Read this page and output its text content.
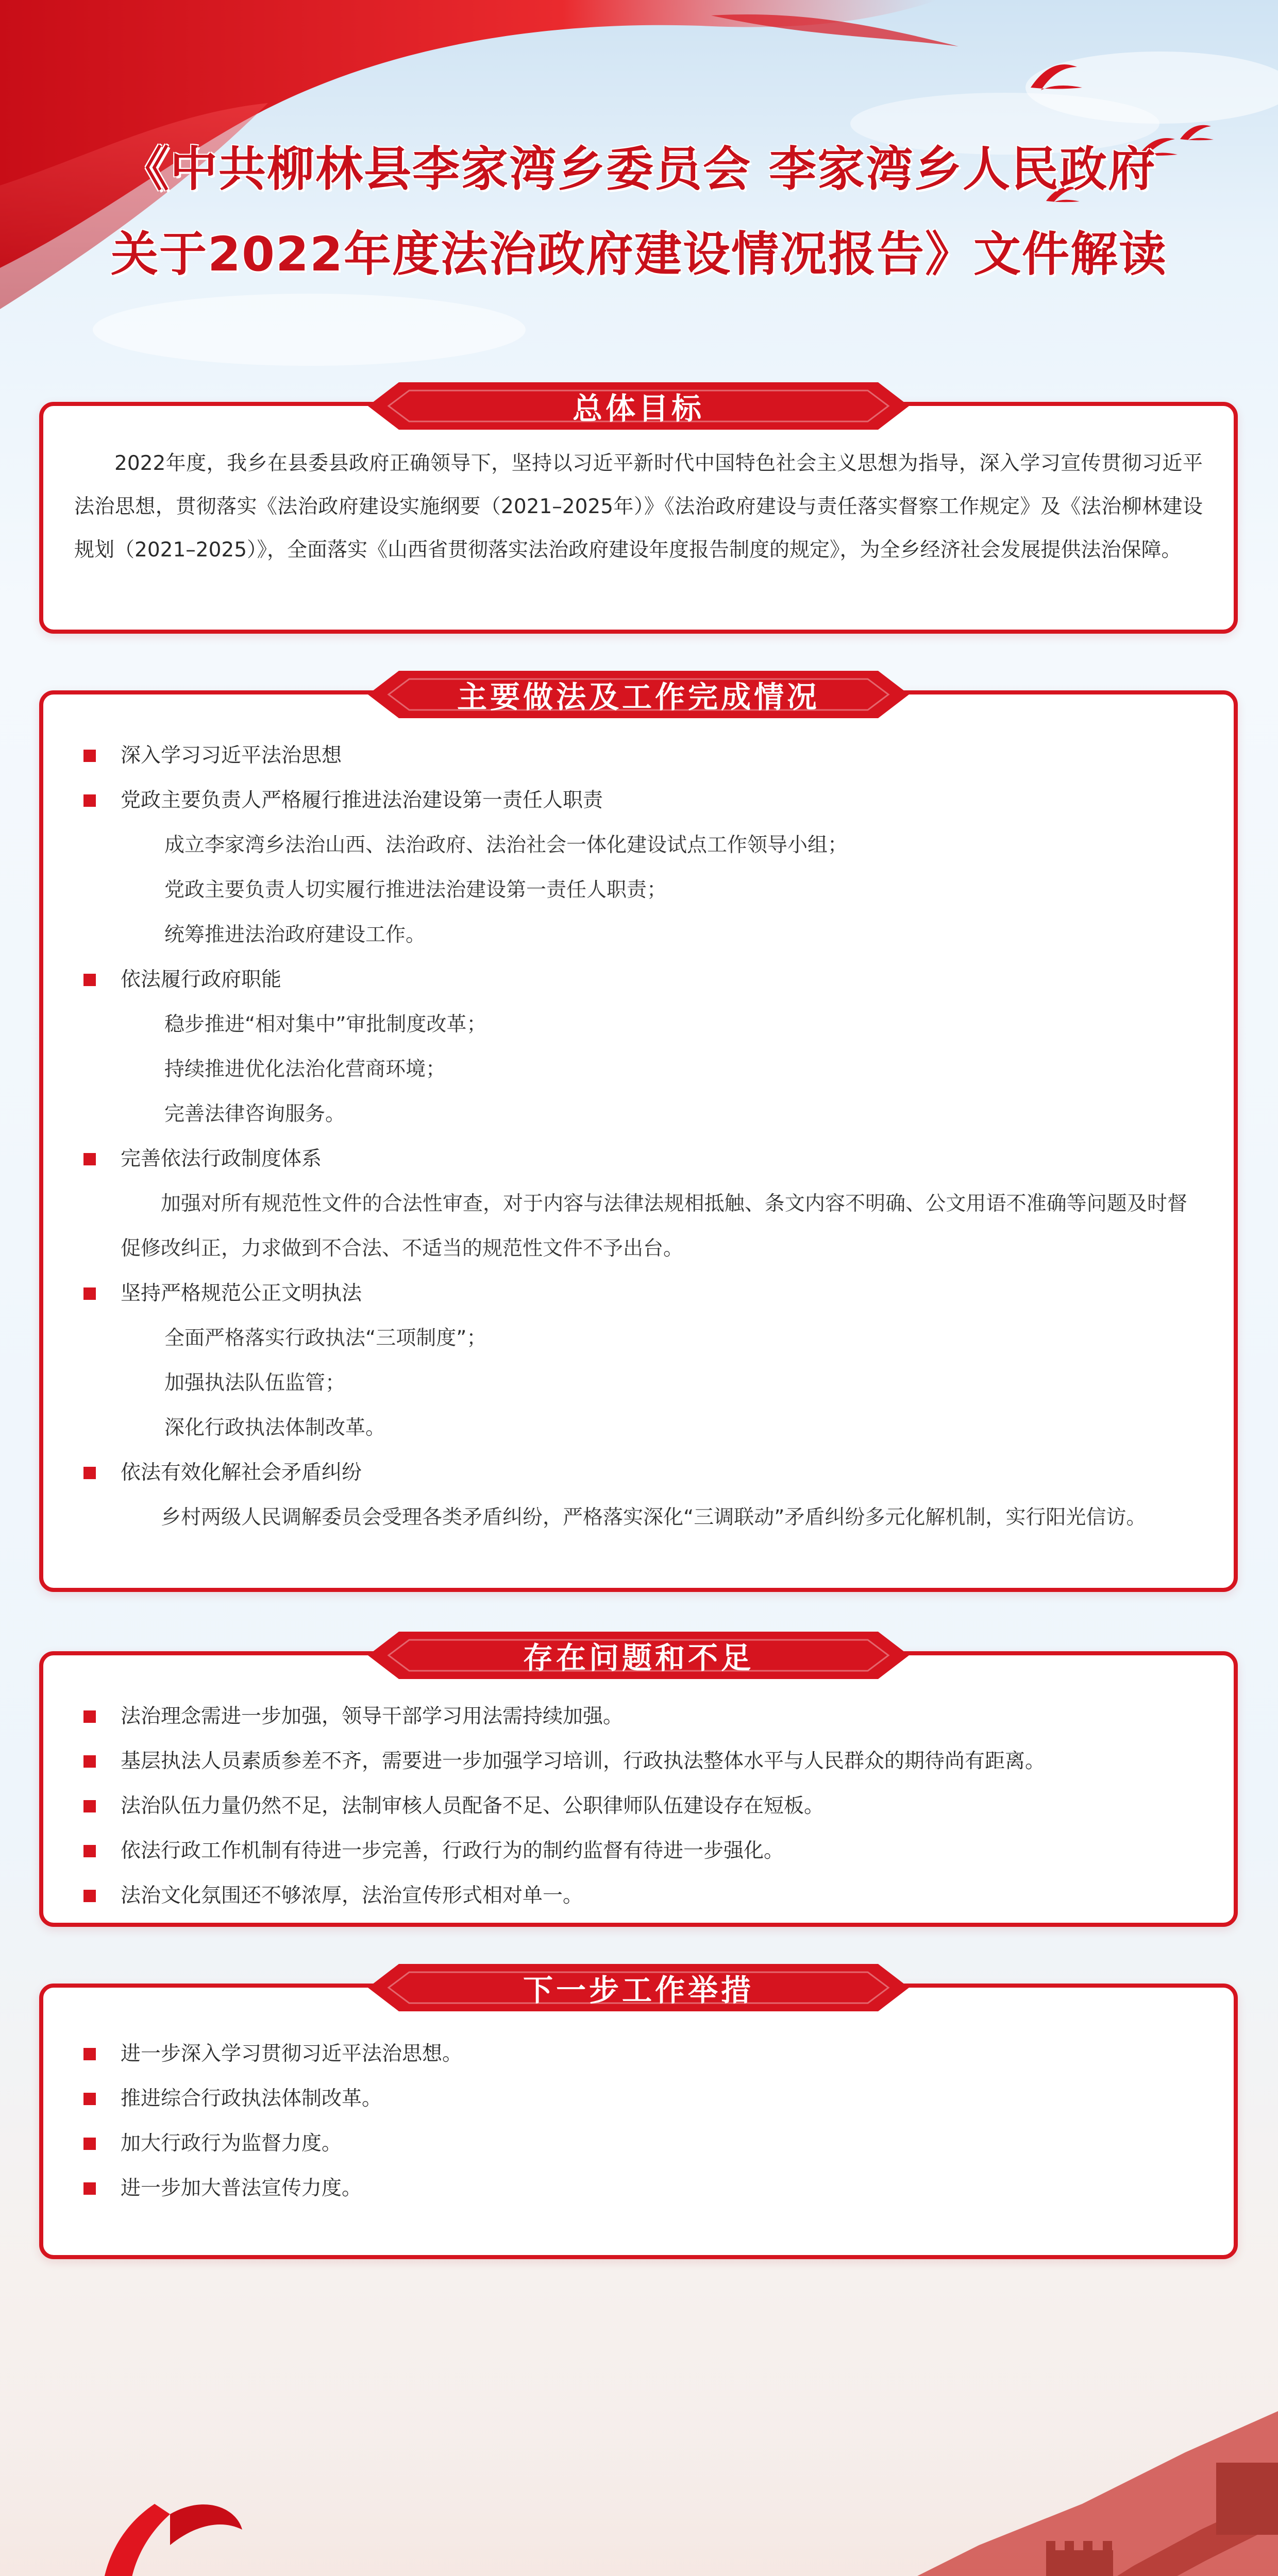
《中共柳林县李家湾乡委员会 李家湾乡人民政府
关于2022年度法治政府建设情况报告》文件解读
总体目标

2022年度，我乡在县委县政府正确领导下，坚持以习近平新时代中国特色社会主义思想为指导，深入学习宣传贯彻习近平法治思想，贯彻落实《法治政府建设实施纲要（2021–2025年）》《法治政府建设与责任落实督察工作规定》及《法治柳林建设规划（2021–2025）》，全面落实《山西省贯彻落实法治政府建设年度报告制度的规定》，为全乡经济社会发展提供法治保障。

主要做法及工作完成情况
深入学习习近平法治思想
党政主要负责人严格履行推进法治建设第一责任人职责
成立李家湾乡法治山西、法治政府、法治社会一体化建设试点工作领导小组；
党政主要负责人切实履行推进法治建设第一责任人职责；
统筹推进法治政府建设工作。
依法履行政府职能
稳步推进“相对集中”审批制度改革；
持续推进优化法治化营商环境；
完善法律咨询服务。
完善依法行政制度体系
加强对所有规范性文件的合法性审查，对于内容与法律法规相抵触、条文内容不明确、公文用语不准确等问题及时督促修改纠正，力求做到不合法、不适当的规范性文件不予出台。
坚持严格规范公正文明执法
全面严格落实行政执法“三项制度”；
加强执法队伍监管；
深化行政执法体制改革。
依法有效化解社会矛盾纠纷
乡村两级人民调解委员会受理各类矛盾纠纷，严格落实深化“三调联动”矛盾纠纷多元化解机制，实行阳光信访。
存在问题和不足
法治理念需进一步加强，领导干部学习用法需持续加强。
基层执法人员素质参差不齐，需要进一步加强学习培训，行政执法整体水平与人民群众的期待尚有距离。
法治队伍力量仍然不足，法制审核人员配备不足、公职律师队伍建设存在短板。
依法行政工作机制有待进一步完善，行政行为的制约监督有待进一步强化。
法治文化氛围还不够浓厚，法治宣传形式相对单一。
下一步工作举措
进一步深入学习贯彻习近平法治思想。
推进综合行政执法体制改革。
加大行政行为监督力度。
进一步加大普法宣传力度。
